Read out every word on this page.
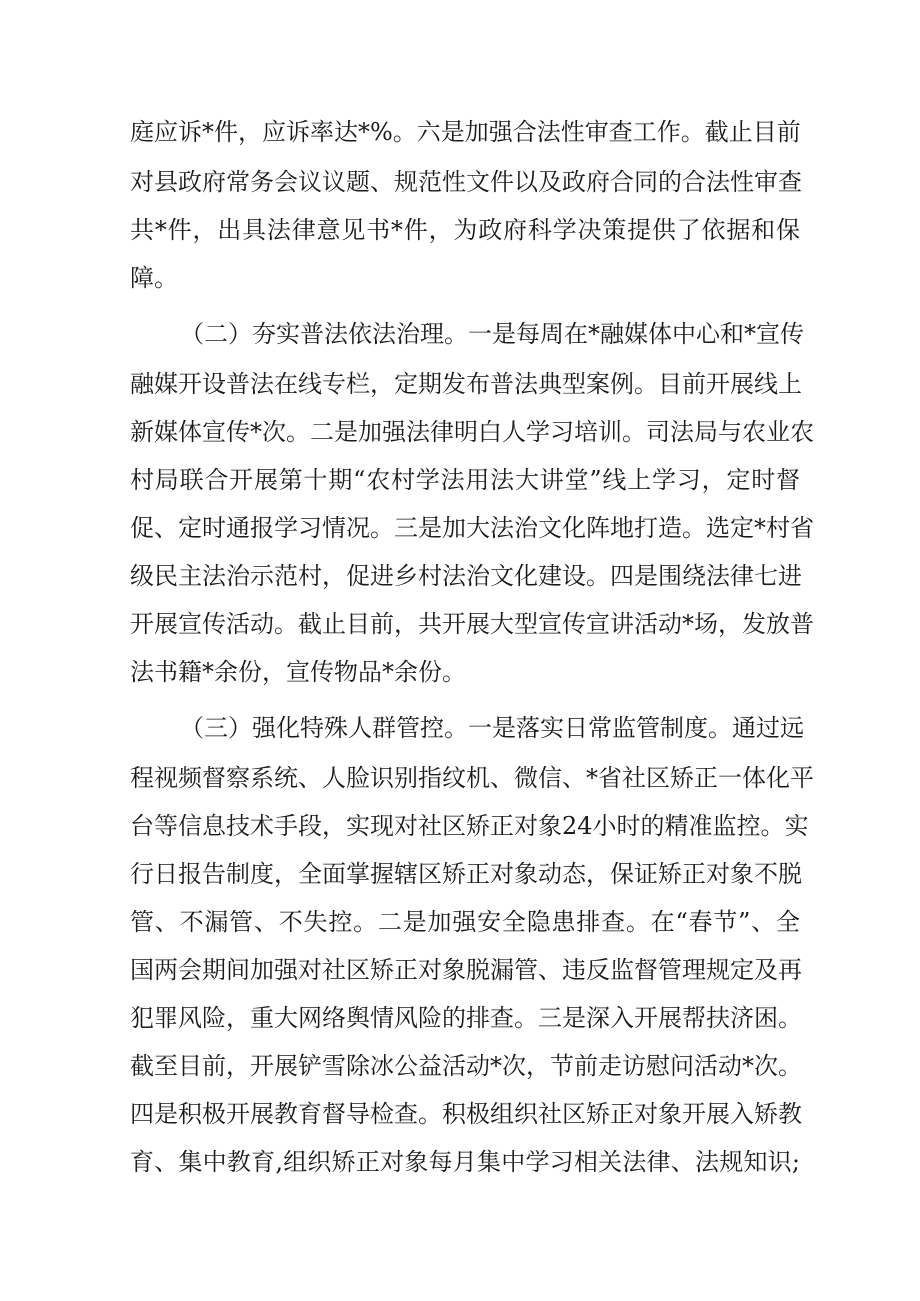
庭应诉*件，应诉率达*%。六是加强合法性审查工作。截止目前
对县政府常务会议议题、规范性文件以及政府合同的合法性审查
共*件，出具法律意见书*件，为政府科学决策提供了依据和保
障。
（二）夯实普法依法治理。一是每周在*融媒体中心和*宣传
融媒开设普法在线专栏，定期发布普法典型案例。目前开展线上
新媒体宣传*次。二是加强法律明白人学习培训。司法局与农业农
村局联合开展第十期“农村学法用法大讲堂”线上学习，定时督
促、定时通报学习情况。三是加大法治文化阵地打造。选定*村省
级民主法治示范村，促进乡村法治文化建设。四是围绕法律七进
开展宣传活动。截止目前，共开展大型宣传宣讲活动*场，发放普
法书籍*余份，宣传物品*余份。
（三）强化特殊人群管控。一是落实日常监管制度。通过远
程视频督察系统、人脸识别指纹机、微信、*省社区矫正一体化平
台等信息技术手段，实现对社区矫正对象24小时的精准监控。实
行日报告制度，全面掌握辖区矫正对象动态，保证矫正对象不脱
管、不漏管、不失控。二是加强安全隐患排查。在“春节”、全
国两会期间加强对社区矫正对象脱漏管、违反监督管理规定及再
犯罪风险，重大网络舆情风险的排查。三是深入开展帮扶济困。
截至目前，开展铲雪除冰公益活动*次，节前走访慰问活动*次。
四是积极开展教育督导检查。积极组织社区矫正对象开展入矫教
育、集中教育,组织矫正对象每月集中学习相关法律、法规知识;
